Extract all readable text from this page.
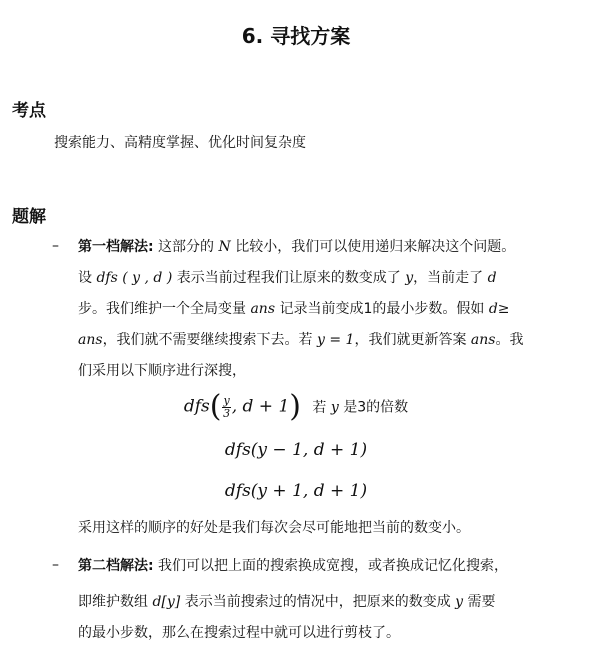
6. 寻找方案
考点
搜索能力、高精度掌握、优化时间复杂度
题解
– 第一档解法: 这部分的 N 比较小，我们可以使用递归来解决这个问题。
设 dfs ( y , d ) 表示当前过程我们让原来的数变成了 y，当前走了 d
步。我们维护一个全局变量 ans 记录当前变成1的最小步数。假如 d≥
ans，我们就不需要继续搜索下去。若 y = 1，我们就更新答案 ans。我
们采用以下顺序进行深搜，
$dfs( \frac{y}{3}$ , d + 1) 若 y 是3的倍数
dfs(y − 1, d + 1)
dfs(y + 1, d + 1)
采用这样的顺序的好处是我们每次会尽可能地把当前的数变小。
– 第二档解法: 我们可以把上面的搜索换成宽搜，或者换成记忆化搜索，
即维护数组 d[y] 表示当前搜索过的情况中，把原来的数变成 y 需要
的最小步数，那么在搜索过程中就可以进行剪枝了。
